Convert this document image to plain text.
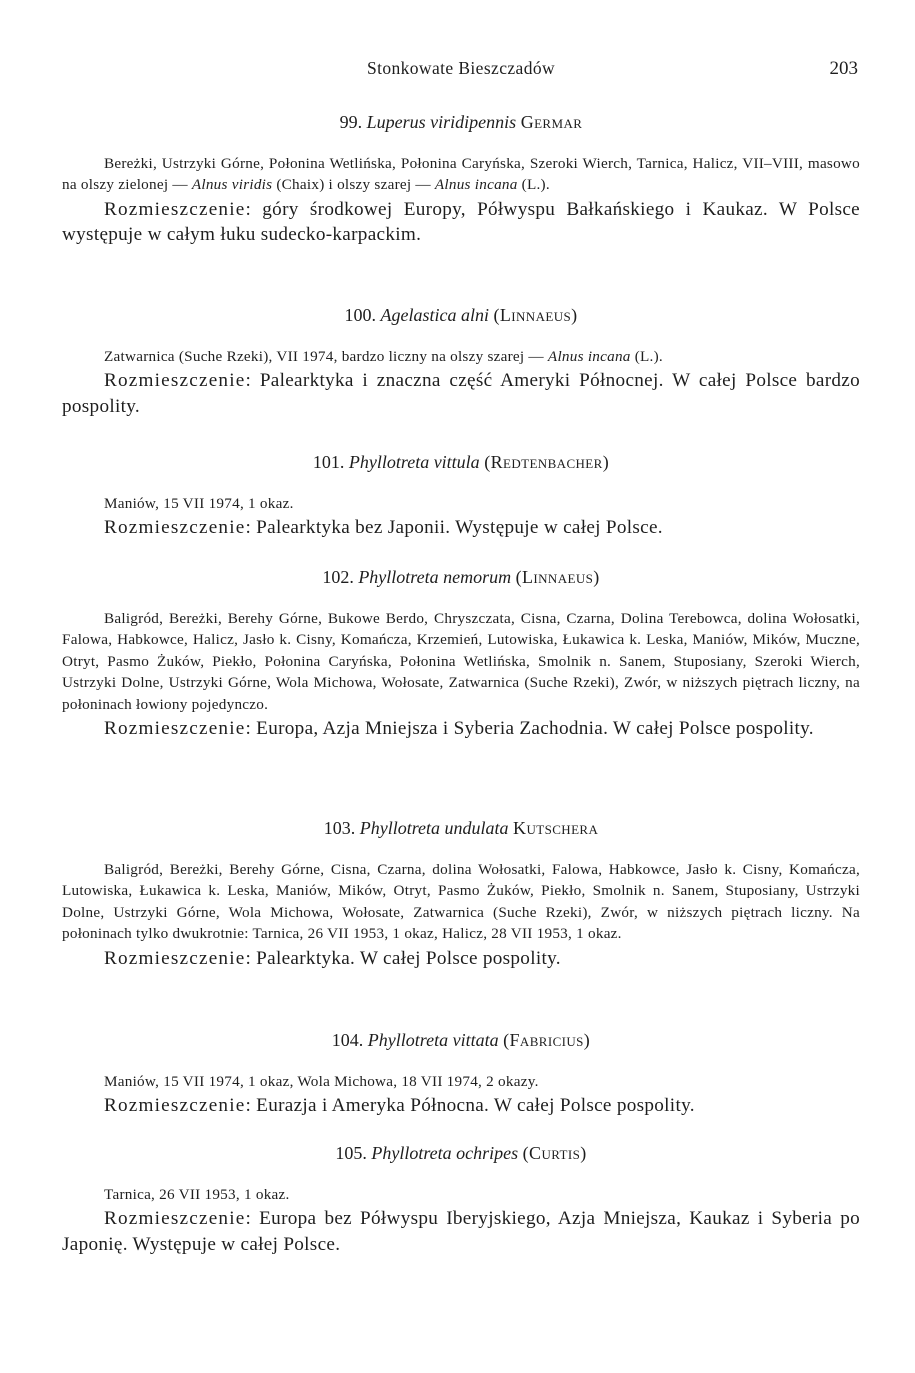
Stonkowate Bieszczadów	203
99. Luperus viridipennis Germar

Bereżki, Ustrzyki Górne, Połonina Wetlińska, Połonina Caryńska, Szeroki Wierch, Tarnica, Halicz, VII–VIII, masowo na olszy zielonej — Alnus viridis (Chaix) i olszy szarej — Alnus incana (L.).

Rozmieszczenie: góry środkowej Europy, Półwyspu Bałkańskiego i Kaukaz. W Polsce występuje w całym łuku sudecko-karpackim.

100. Agelastica alni (Linnaeus)

Zatwarnica (Suche Rzeki), VII 1974, bardzo liczny na olszy szarej — Alnus incana (L.).

Rozmieszczenie: Palearktyka i znaczna część Ameryki Północnej. W całej Polsce bardzo pospolity.

101. Phyllotreta vittula (Redtenbacher)

Maniów, 15 VII 1974, 1 okaz.

Rozmieszczenie: Palearktyka bez Japonii. Występuje w całej Polsce.

102. Phyllotreta nemorum (Linnaeus)

Baligród, Bereżki, Berehy Górne, Bukowe Berdo, Chryszczata, Cisna, Czarna, Dolina Terebowca, dolina Wołosatki, Falowa, Habkowce, Halicz, Jasło k. Cisny, Komańcza, Krzemień, Lutowiska, Łukawica k. Leska, Maniów, Mików, Muczne, Otryt, Pasmo Żuków, Piekło, Połonina Caryńska, Połonina Wetlińska, Smolnik n. Sanem, Stuposiany, Szeroki Wierch, Ustrzyki Dolne, Ustrzyki Górne, Wola Michowa, Wołosate, Zatwarnica (Suche Rzeki), Zwór, w niższych piętrach liczny, na połoninach łowiony pojedynczo.

Rozmieszczenie: Europa, Azja Mniejsza i Syberia Zachodnia. W całej Polsce pospolity.

103. Phyllotreta undulata Kutschera

Baligród, Bereżki, Berehy Górne, Cisna, Czarna, dolina Wołosatki, Falowa, Habkowce, Jasło k. Cisny, Komańcza, Lutowiska, Łukawica k. Leska, Maniów, Mików, Otryt, Pasmo Żuków, Piekło, Smolnik n. Sanem, Stuposiany, Ustrzyki Dolne, Ustrzyki Górne, Wola Michowa, Wołosate, Zatwarnica (Suche Rzeki), Zwór, w niższych piętrach liczny. Na połoninach tylko dwukrotnie: Tarnica, 26 VII 1953, 1 okaz, Halicz, 28 VII 1953, 1 okaz.

Rozmieszczenie: Palearktyka. W całej Polsce pospolity.

104. Phyllotreta vittata (Fabricius)

Maniów, 15 VII 1974, 1 okaz, Wola Michowa, 18 VII 1974, 2 okazy.

Rozmieszczenie: Eurazja i Ameryka Północna. W całej Polsce pospolity.

105. Phyllotreta ochripes (Curtis)

Tarnica, 26 VII 1953, 1 okaz.

Rozmieszczenie: Europa bez Półwyspu Iberyjskiego, Azja Mniejsza, Kaukaz i Syberia po Japonię. Występuje w całej Polsce.
